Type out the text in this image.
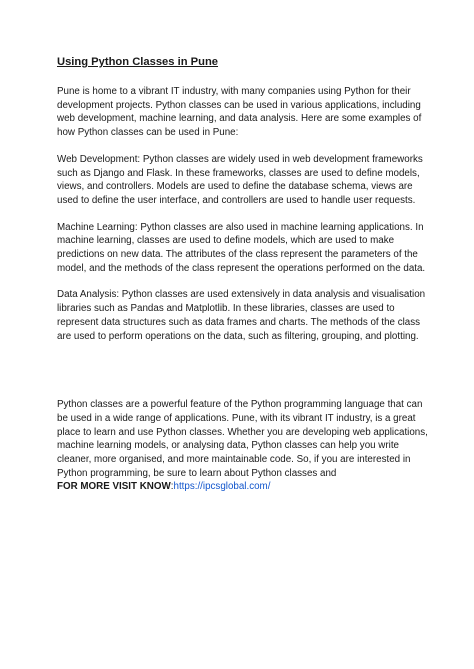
Using Python Classes in Pune

Pune is home to a vibrant IT industry, with many companies using Python for their development projects. Python classes can be used in various applications, including web development, machine learning, and data analysis. Here are some examples of how Python classes can be used in Pune:

Web Development: Python classes are widely used in web development frameworks such as Django and Flask. In these frameworks, classes are used to define models, views, and controllers. Models are used to define the database schema, views are used to define the user interface, and controllers are used to handle user requests.

Machine Learning: Python classes are also used in machine learning applications. In machine learning, classes are used to define models, which are used to make predictions on new data. The attributes of the class represent the parameters of the model, and the methods of the class represent the operations performed on the data.

Data Analysis: Python classes are used extensively in data analysis and visualisation libraries such as Pandas and Matplotlib. In these libraries, classes are used to represent data structures such as data frames and charts. The methods of the class are used to perform operations on the data, such as filtering, grouping, and plotting.

Python classes are a powerful feature of the Python programming language that can be used in a wide range of applications. Pune, with its vibrant IT industry, is a great place to learn and use Python classes. Whether you are developing web applications, machine learning models, or analysing data, Python classes can help you write cleaner, more organised, and more maintainable code. So, if you are interested in Python programming, be sure to learn about Python classes and
FOR MORE VISIT KNOW:https://ipcsglobal.com/
